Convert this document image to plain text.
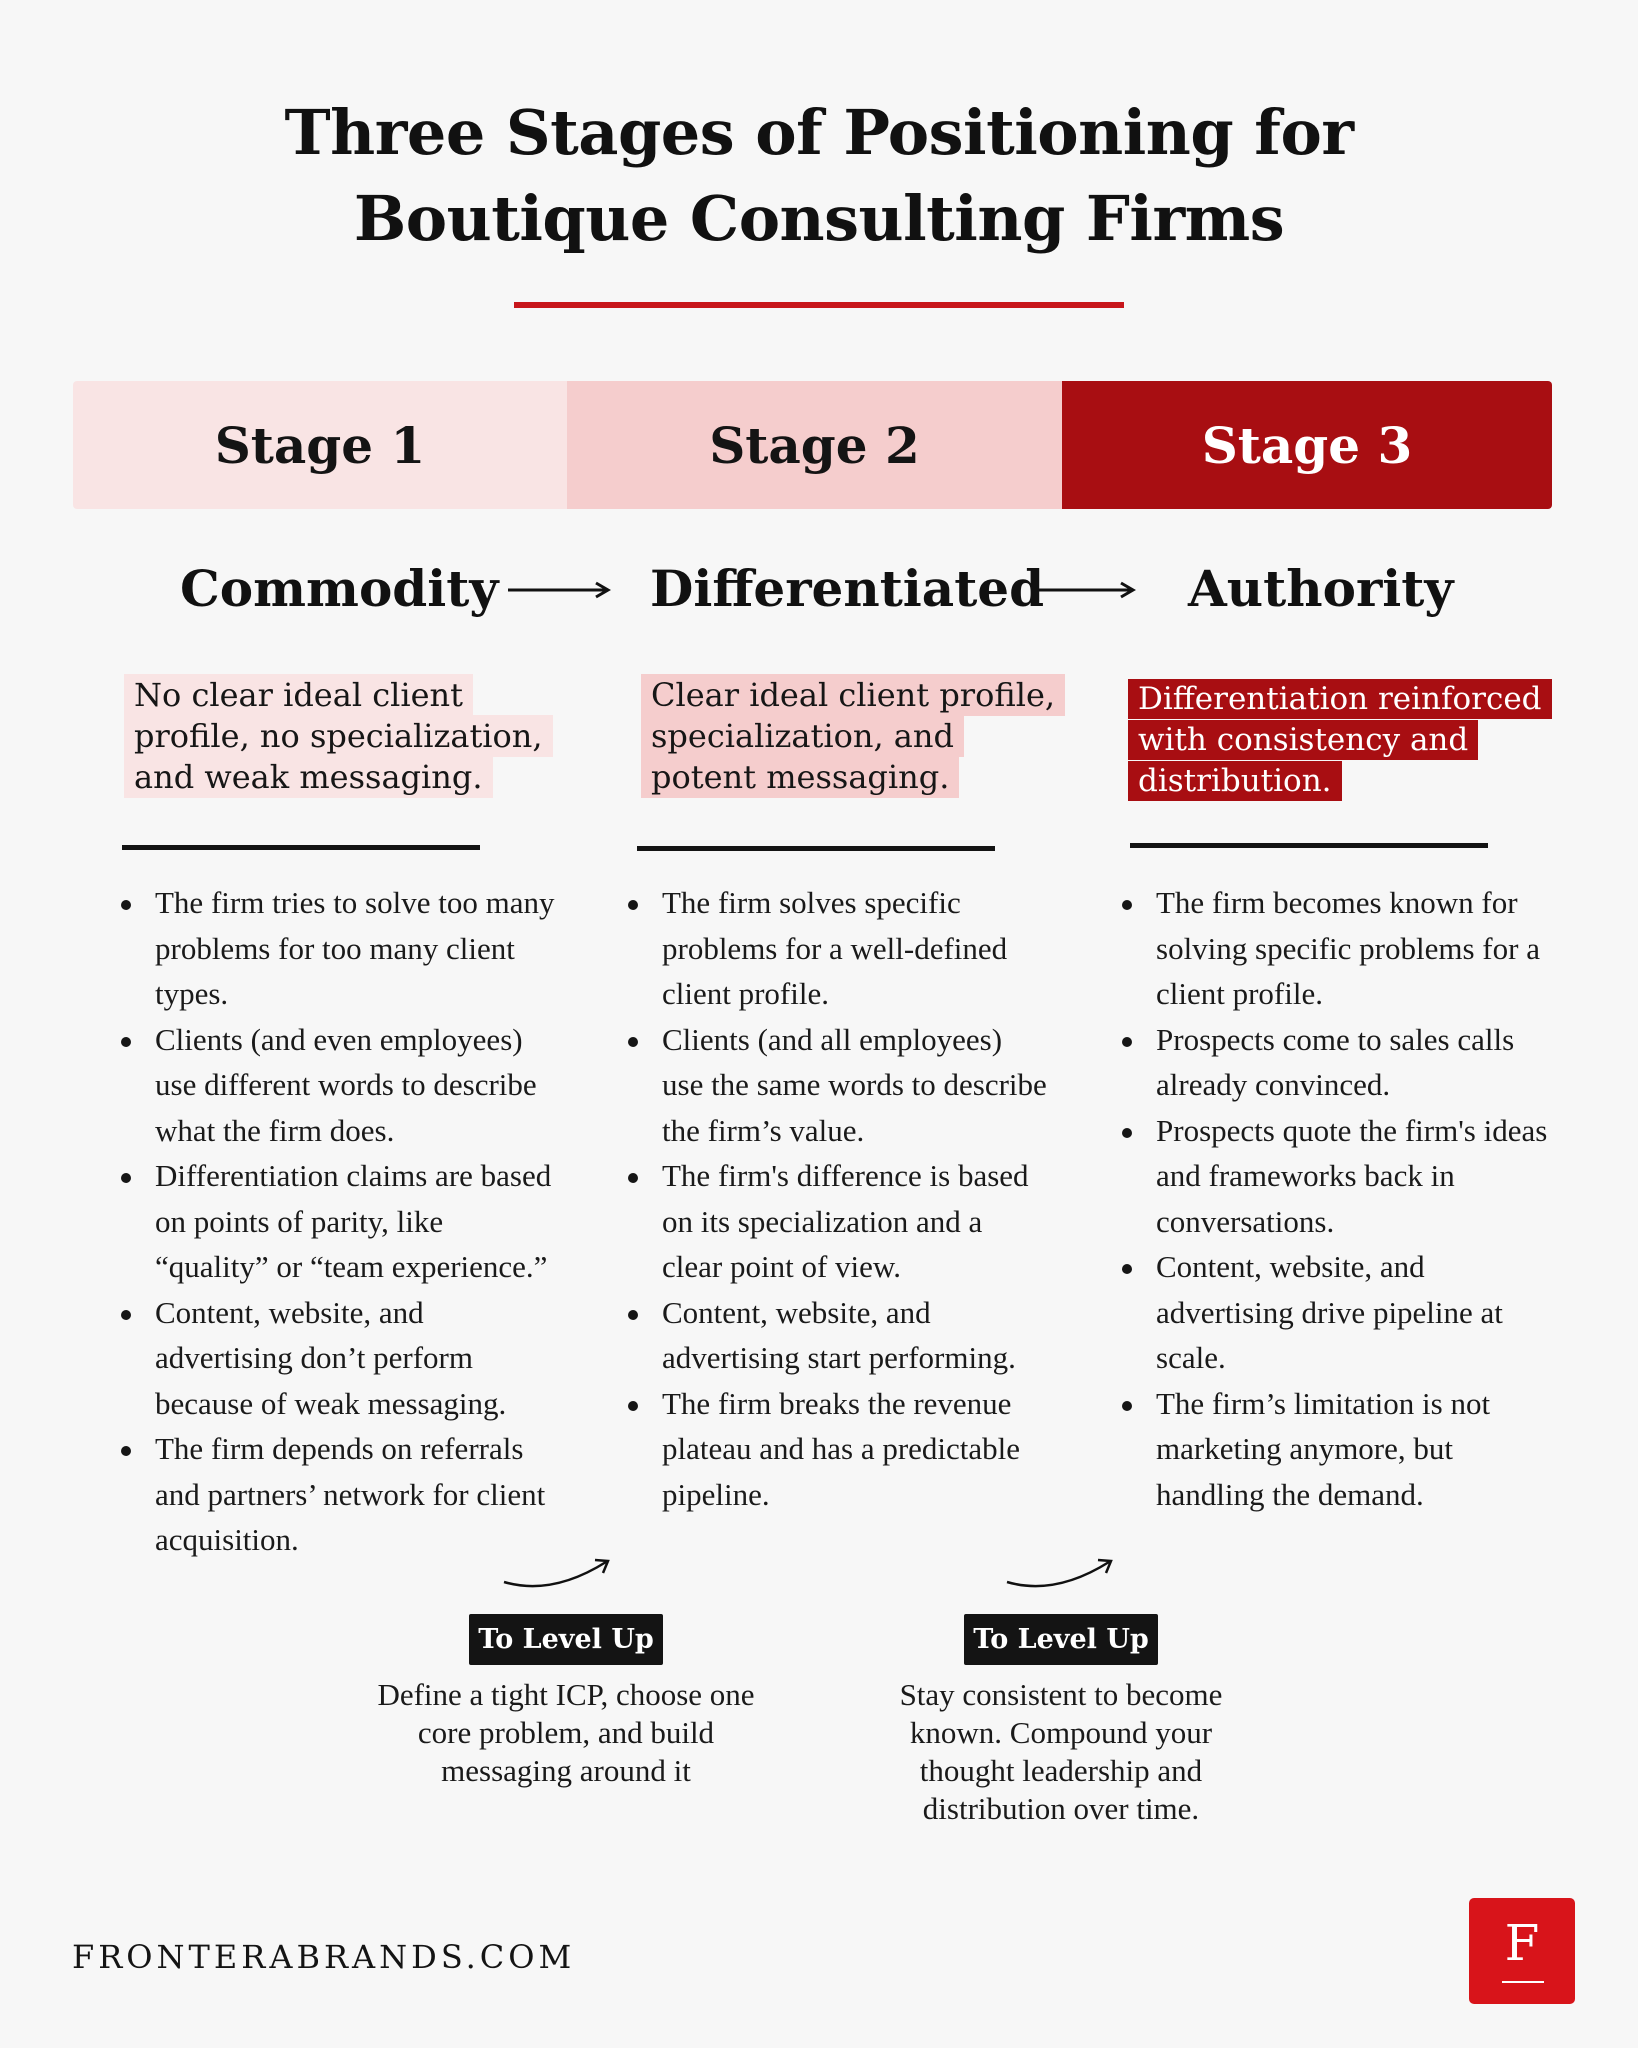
Three Stages of Positioning for
Boutique Consulting Firms
Stage 1	Stage 2	Stage 3
Commodity	Differentiated	Authority
No clear ideal client profile, no specialization, and weak messaging.
Clear ideal client profile, specialization, and potent messaging.
Differentiation reinforced with consistency and distribution.
The firm tries to solve too many problems for too many client types.
Clients (and even employees) use different words to describe what the firm does.
Differentiation claims are based on points of parity, like “quality” or “team experience.”
Content, website, and advertising don’t perform because of weak messaging.
The firm depends on referrals and partners’ network for client acquisition.
The firm solves specific problems for a well-defined client profile.
Clients (and all employees) use the same words to describe the firm’s value.
The firm's difference is based on its specialization and a clear point of view.
Content, website, and advertising start performing.
The firm breaks the revenue plateau and has a predictable pipeline.
The firm becomes known for solving specific problems for a client profile.
Prospects come to sales calls already convinced.
Prospects quote the firm's ideas and frameworks back in conversations.
Content, website, and advertising drive pipeline at scale.
The firm’s limitation is not marketing anymore, but handling the demand.
To Level Up
Define a tight ICP, choose one core problem, and build messaging around it
To Level Up
Stay consistent to become known. Compound your thought leadership and distribution over time.
FRONTERABRANDS.COM	F
